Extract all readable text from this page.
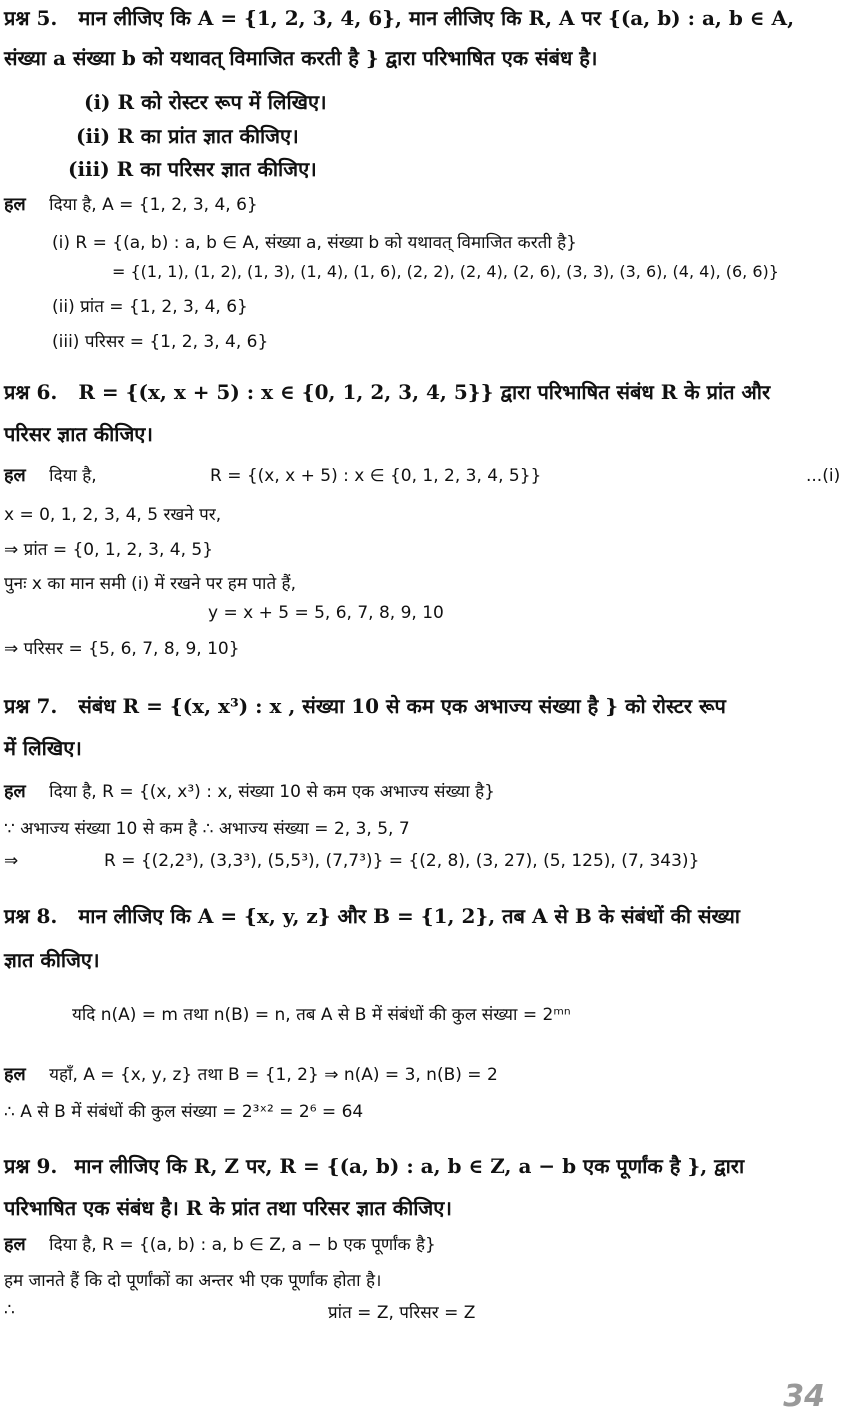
प्रश्न 5. मान लीजिए कि A = {1, 2, 3, 4, 6}, मान लीजिए कि R, A पर {(a, b) : a, b ∈ A,
संख्या a संख्या b को यथावत् विमाजित करती है } द्वारा परिभाषित एक संबंध है।
(i) R को रोस्टर रूप में लिखिए।
(ii) R का प्रांत ज्ञात कीजिए।
(iii) R का परिसर ज्ञात कीजिए।
हल दिया है, A = {1, 2, 3, 4, 6}
(i) R = {(a, b) : a, b ∈ A, संख्या a, संख्या b को यथावत् विमाजित करती है}
= {(1, 1), (1, 2), (1, 3), (1, 4), (1, 6), (2, 2), (2, 4), (2, 6), (3, 3), (3, 6), (4, 4), (6, 6)}
(ii) प्रांत = {1, 2, 3, 4, 6}
(iii) परिसर = {1, 2, 3, 4, 6}
प्रश्न 6. R = {(x, x + 5) : x ∈ {0, 1, 2, 3, 4, 5}} द्वारा परिभाषित संबंध R के प्रांत और
परिसर ज्ञात कीजिए।
हल दिया है,	R = {(x, x + 5) : x ∈ {0, 1, 2, 3, 4, 5}}	...(i)
x = 0, 1, 2, 3, 4, 5 रखने पर,
⇒ प्रांत = {0, 1, 2, 3, 4, 5}
पुनः x का मान समी (i) में रखने पर हम पाते हैं,
y = x + 5 = 5, 6, 7, 8, 9, 10
⇒ परिसर = {5, 6, 7, 8, 9, 10}
प्रश्न 7. संबंध R = {(x, x³) : x , संख्या 10 से कम एक अभाज्य संख्या है } को रोस्टर रूप
में लिखिए।
हल दिया है, R = {(x, x³) : x, संख्या 10 से कम एक अभाज्य संख्या है}
∵ अभाज्य संख्या 10 से कम है ∴ अभाज्य संख्या = 2, 3, 5, 7
⇒	R = {(2,2³), (3,3³), (5,5³), (7,7³)} = {(2, 8), (3, 27), (5, 125), (7, 343)}
प्रश्न 8. मान लीजिए कि A = {x, y, z} और B = {1, 2}, तब A से B के संबंधों की संख्या
ज्ञात कीजिए।
यदि n(A) = m तथा n(B) = n, तब A से B में संबंधों की कुल संख्या = 2ᵐⁿ
हल यहाँ, A = {x, y, z} तथा B = {1, 2} ⇒ n(A) = 3, n(B) = 2
∴ A से B में संबंधों की कुल संख्या = 2³ˣ² = 2⁶ = 64
प्रश्न 9. मान लीजिए कि R, Z पर, R = {(a, b) : a, b ∈ Z, a − b एक पूर्णांक है }, द्वारा
परिभाषित एक संबंध है। R के प्रांत तथा परिसर ज्ञात कीजिए।
हल दिया है, R = {(a, b) : a, b ∈ Z, a − b एक पूर्णांक है}
हम जानते हैं कि दो पूर्णांकों का अन्तर भी एक पूर्णांक होता है।
∴	प्रांत = Z, परिसर = Z
34
